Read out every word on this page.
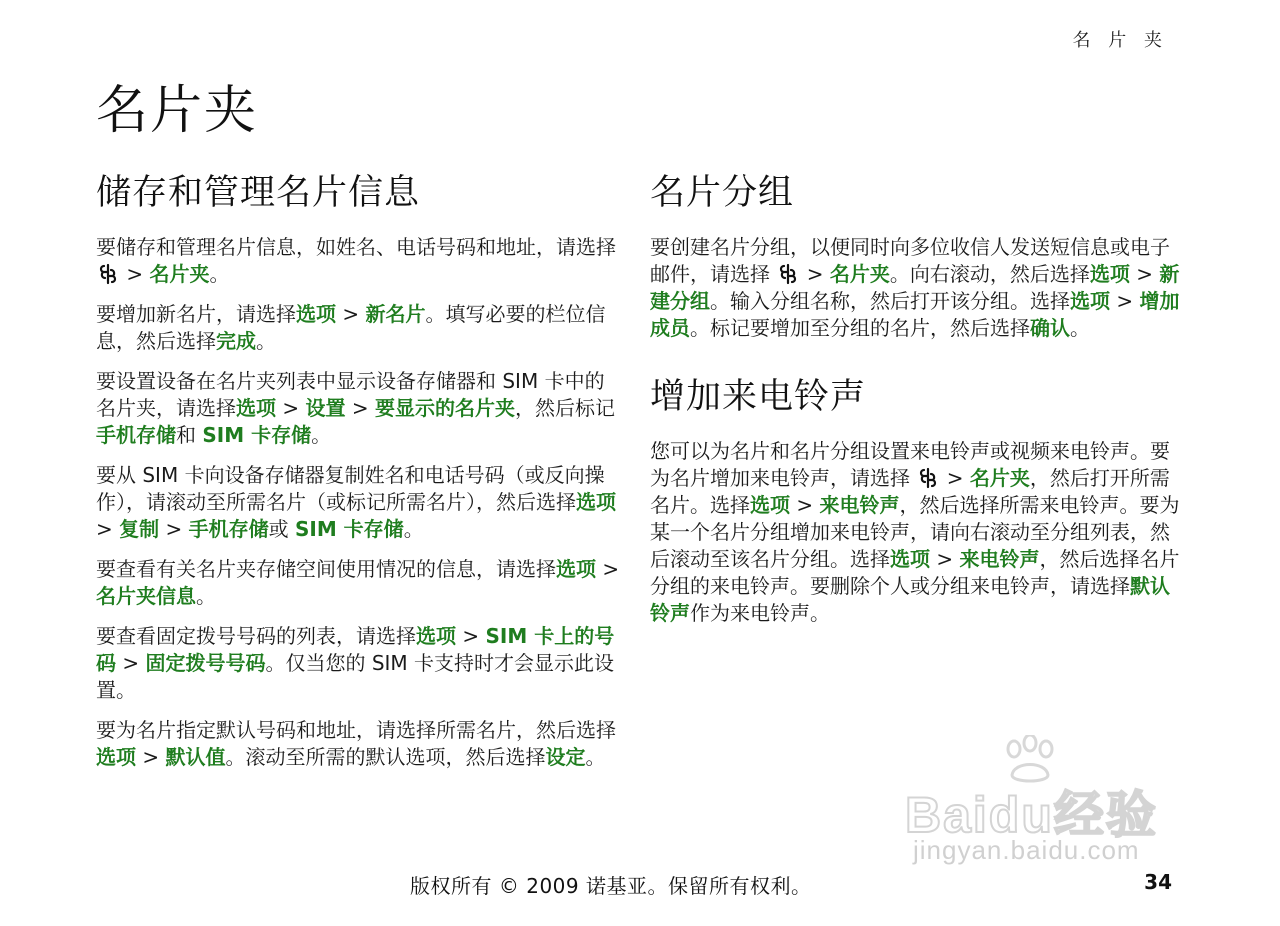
名 片 夹
名片夹
储存和管理名片信息

要储存和管理名片信息，如姓名、电话号码和地址，请选择  > 名片夹。

要增加新名片，请选择选项 > 新名片。填写必要的栏位信息，然后选择完成。

要设置设备在名片夹列表中显示设备存储器和 SIM 卡中的名片夹，请选择选项 > 设置 > 要显示的名片夹，然后标记手机存储和 SIM 卡存储。

要从 SIM 卡向设备存储器复制姓名和电话号码（或反向操作），请滚动至所需名片（或标记所需名片），然后选择选项 > 复制 > 手机存储或 SIM 卡存储。

要查看有关名片夹存储空间使用情况的信息，请选择选项 > 名片夹信息。

要查看固定拨号号码的列表，请选择选项 > SIM 卡上的号码 > 固定拨号号码。仅当您的 SIM 卡支持时才会显示此设置。

要为名片指定默认号码和地址，请选择所需名片，然后选择选项 > 默认值。滚动至所需的默认选项，然后选择设定。

名片分组

要创建名片分组，以便同时向多位收信人发送短信息或电子邮件，请选择  > 名片夹。向右滚动，然后选择选项 > 新建分组。输入分组名称，然后打开该分组。选择选项 > 增加成员。标记要增加至分组的名片，然后选择确认。

增加来电铃声

您可以为名片和名片分组设置来电铃声或视频来电铃声。要为名片增加来电铃声，请选择  > 名片夹，然后打开所需名片。选择选项 > 来电铃声，然后选择所需来电铃声。要为某一个名片分组增加来电铃声，请向右滚动至分组列表，然后滚动至该名片分组。选择选项 > 来电铃声，然后选择名片分组的来电铃声。要删除个人或分组来电铃声，请选择默认铃声作为来电铃声。

Baidu经验
jingyan.baidu.com
版权所有 © 2009 诺基亚。保留所有权利。	34
